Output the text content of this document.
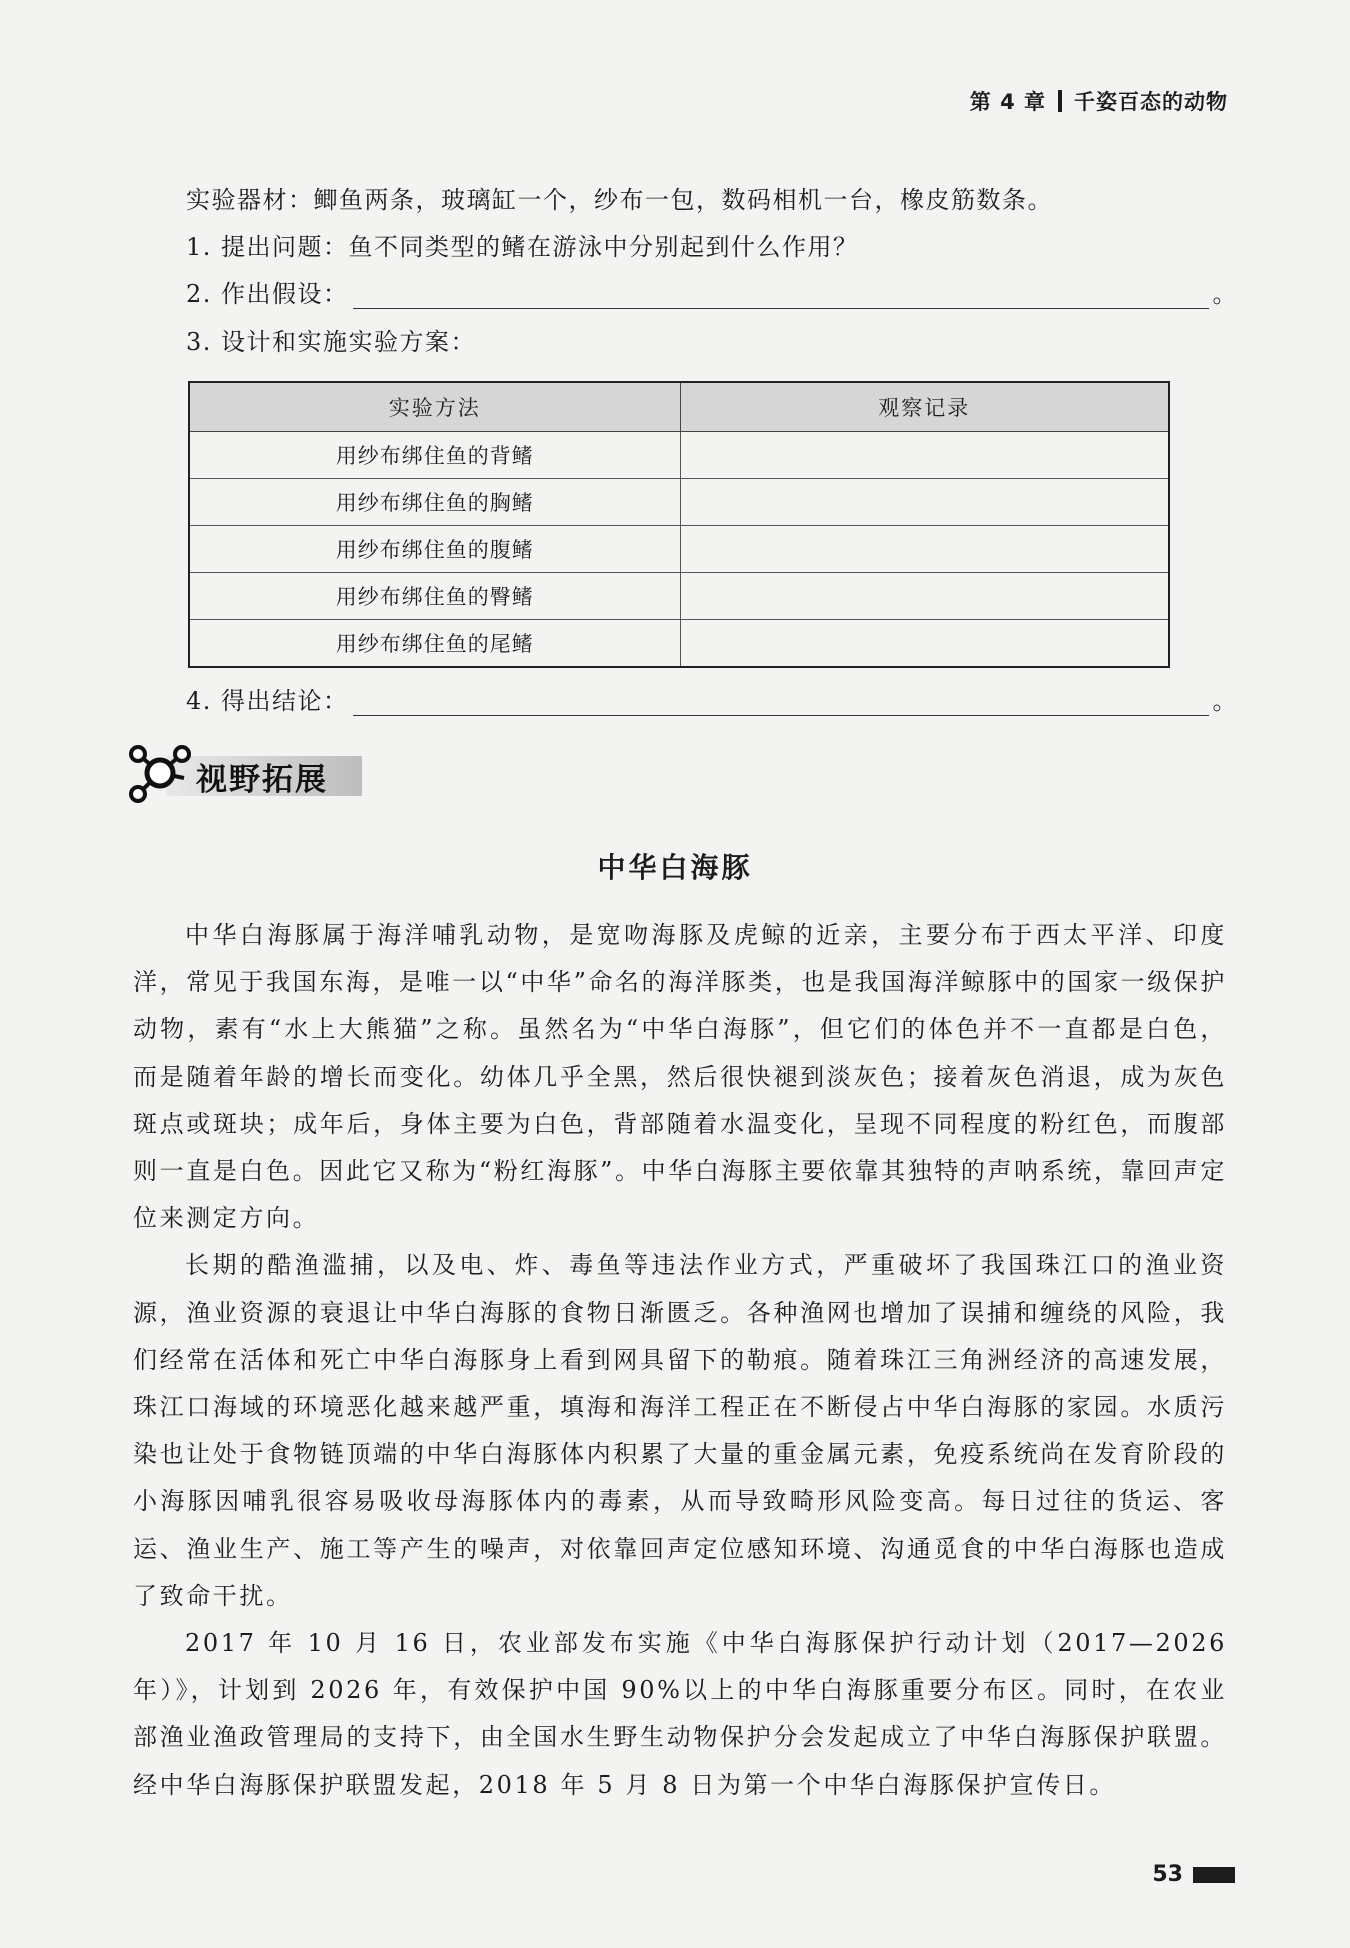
第 4 章 千姿百态的动物
实验器材：鲫鱼两条，玻璃缸一个，纱布一包，数码相机一台，橡皮筋数条。
1. 提出问题：鱼不同类型的鳍在游泳中分别起到什么作用？
2. 作出假设：	。
3. 设计和实施实验方案：
实验方法	观察记录
用纱布绑住鱼的背鳍	
用纱布绑住鱼的胸鳍	
用纱布绑住鱼的腹鳍	
用纱布绑住鱼的臀鳍	
用纱布绑住鱼的尾鳍	
4. 得出结论：	。
视野拓展
中华白海豚

中华白海豚属于海洋哺乳动物，是宽吻海豚及虎鲸的近亲，主要分布于西太平洋、印度洋，常见于我国东海，是唯一以“中华”命名的海洋豚类，也是我国海洋鲸豚中的国家一级保护动物，素有“水上大熊猫”之称。虽然名为“中华白海豚”，但它们的体色并不一直都是白色，而是随着年龄的增长而变化。幼体几乎全黑，然后很快褪到淡灰色；接着灰色消退，成为灰色斑点或斑块；成年后，身体主要为白色，背部随着水温变化，呈现不同程度的粉红色，而腹部则一直是白色。因此它又称为“粉红海豚”。中华白海豚主要依靠其独特的声呐系统，靠回声定位来测定方向。

长期的酷渔滥捕，以及电、炸、毒鱼等违法作业方式，严重破坏了我国珠江口的渔业资源，渔业资源的衰退让中华白海豚的食物日渐匮乏。各种渔网也增加了误捕和缠绕的风险，我们经常在活体和死亡中华白海豚身上看到网具留下的勒痕。随着珠江三角洲经济的高速发展，珠江口海域的环境恶化越来越严重，填海和海洋工程正在不断侵占中华白海豚的家园。水质污染也让处于食物链顶端的中华白海豚体内积累了大量的重金属元素，免疫系统尚在发育阶段的小海豚因哺乳很容易吸收母海豚体内的毒素，从而导致畸形风险变高。每日过往的货运、客运、渔业生产、施工等产生的噪声，对依靠回声定位感知环境、沟通觅食的中华白海豚也造成了致命干扰。

2017 年 10 月 16 日，农业部发布实施《中华白海豚保护行动计划（2017—2026 年）》，计划到 2026 年，有效保护中国 90%以上的中华白海豚重要分布区。同时，在农业部渔业渔政管理局的支持下，由全国水生野生动物保护分会发起成立了中华白海豚保护联盟。经中华白海豚保护联盟发起，2018 年 5 月 8 日为第一个中华白海豚保护宣传日。

53
